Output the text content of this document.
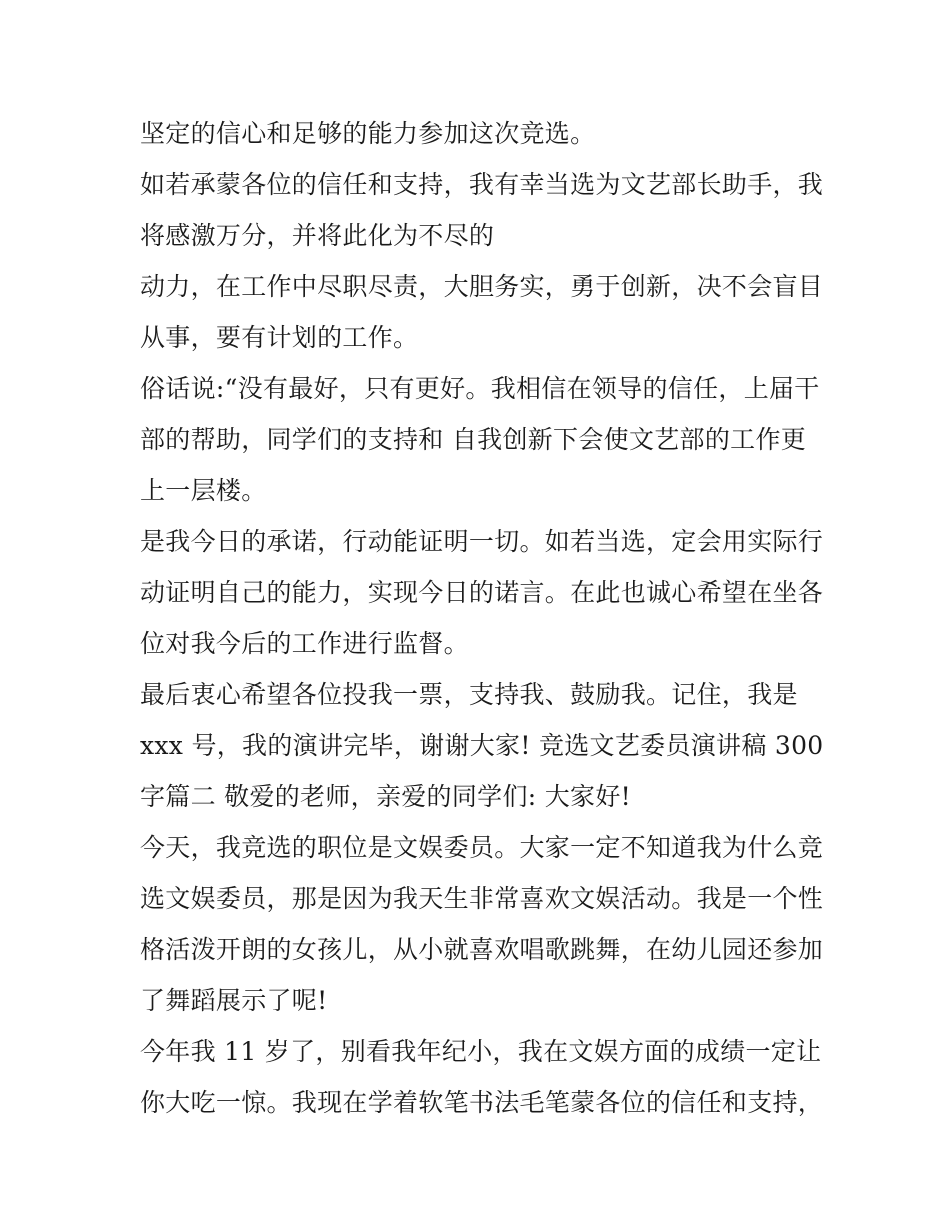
坚定的信心和足够的能力参加这次竞选。
如若承蒙各位的信任和支持，我有幸当选为文艺部长助手，我
将感激万分，并将此化为不尽的
动力，在工作中尽职尽责，大胆务实，勇于创新，决不会盲目
从事，要有计划的工作。
俗话说:“没有最好，只有更好。我相信在领导的信任，上届干
部的帮助，同学们的支持和 自我创新下会使文艺部的工作更
上一层楼。
是我今日的承诺，行动能证明一切。如若当选，定会用实际行
动证明自己的能力，实现今日的诺言。在此也诚心希望在坐各
位对我今后的工作进行监督。
最后衷心希望各位投我一票，支持我、鼓励我。记住，我是
xxx 号，我的演讲完毕，谢谢大家! 竞选文艺委员演讲稿 300
字篇二 敬爱的老师，亲爱的同学们: 大家好!
今天，我竞选的职位是文娱委员。大家一定不知道我为什么竞
选文娱委员，那是因为我天生非常喜欢文娱活动。我是一个性
格活泼开朗的女孩儿，从小就喜欢唱歌跳舞，在幼儿园还参加
了舞蹈展示了呢!
今年我 11 岁了，别看我年纪小，我在文娱方面的成绩一定让
你大吃一惊。我现在学着软笔书法毛笔蒙各位的信任和支持，
